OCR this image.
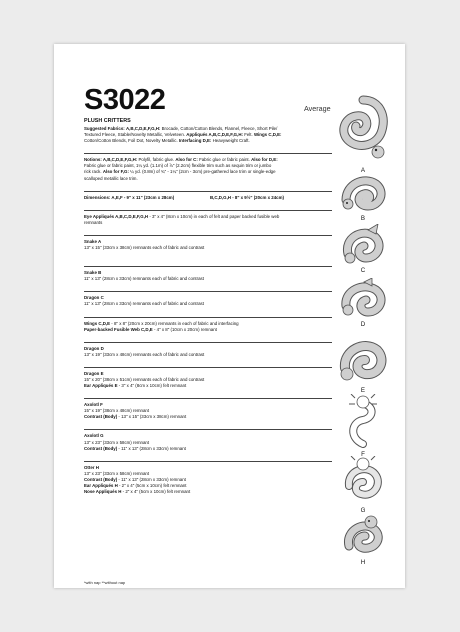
S3022	Average
PLUSH CRITTERS
Suggested Fabrics: A,B,C,D,E,F,G,H: Brocade, Cotton/Cotton Blends, Flannel, Fleece, Short Pile/
Textured Fleece, Stable/Novelty Metallic, Velveteen. Appliqués A,B,C,D,E,F,G,H: Felt. Wings C,D,E:
Cotton/Cotton Blends, Foil Dot, Novelty Metallic. Interfacing D,E: Heavyweight Craft.
Notions: A,B,C,D,E,F,G,H: Polyfil, fabric glue. Also for C: Fabric glue or fabric paint. Also for D,E:
Fabric glue or fabric paint, 1¼ yd. (1.1m) of ⅞" (2.2cm) flexible trim such as sequin trim or jumbo
rick rack. Also for F,G: ¼ yd. (0.8m) of ¾" - 1¼" (2cm - 3cm) pre-gathered lace trim or single-edge
scalloped metallic lace trim.
Dimensions: A,E,F - 9" x 11" (23cm x 28cm)	B,C,D,G,H - 8" x 9½" (20cm x 24cm)
Eye Appliqués A,B,C,D,E,F,G,H - 3" x 4" (8cm x 10cm) in each of felt and paper backed fusible web
remnants
Snake A
13" x 15" (33cm x 38cm) remnants each of fabric and contrast
Snake B
11" x 13" (28cm x 33cm) remnants each of fabric and contrast
Dragon C
11" x 13" (28cm x 33cm) remnants each of fabric and contrast
Wings C,D,E - 8" x 8" (20cm x 20cm) remnants in each of fabric and interfacing
Paper-backed Fusible Web C,D,E - 4" x 8" (10cm x 20cm) remnant
Dragon D
13" x 19" (33cm x 48cm) remnants each of fabric and contrast
Dragon E
15" x 20" (38cm x 51cm) remnants each of fabric and contrast
Ear Appliqués E - 3" x 4" (8cm x 10cm) felt remnant
Axolotl F
15" x 19" (38cm x 48cm) remnant
Contrast (Body) - 13" x 15" (33cm x 38cm) remnant
Axolotl G
13" x 23" (33cm x 58cm) remnant
Contrast (Body) - 11" x 13" (28cm x 33cm) remnant
Otter H
13" x 23" (33cm x 58cm) remnant
Contrast (Body) - 11" x 13" (28cm x 33cm) remnant
Ear Appliqués H - 2" x 4" (5cm x 10cm) felt remnant
Nose Appliqués H - 2" x 4" (5cm x 10cm) felt remnant
*with nap **without nap
A
B
C
D
E
F
G
H
